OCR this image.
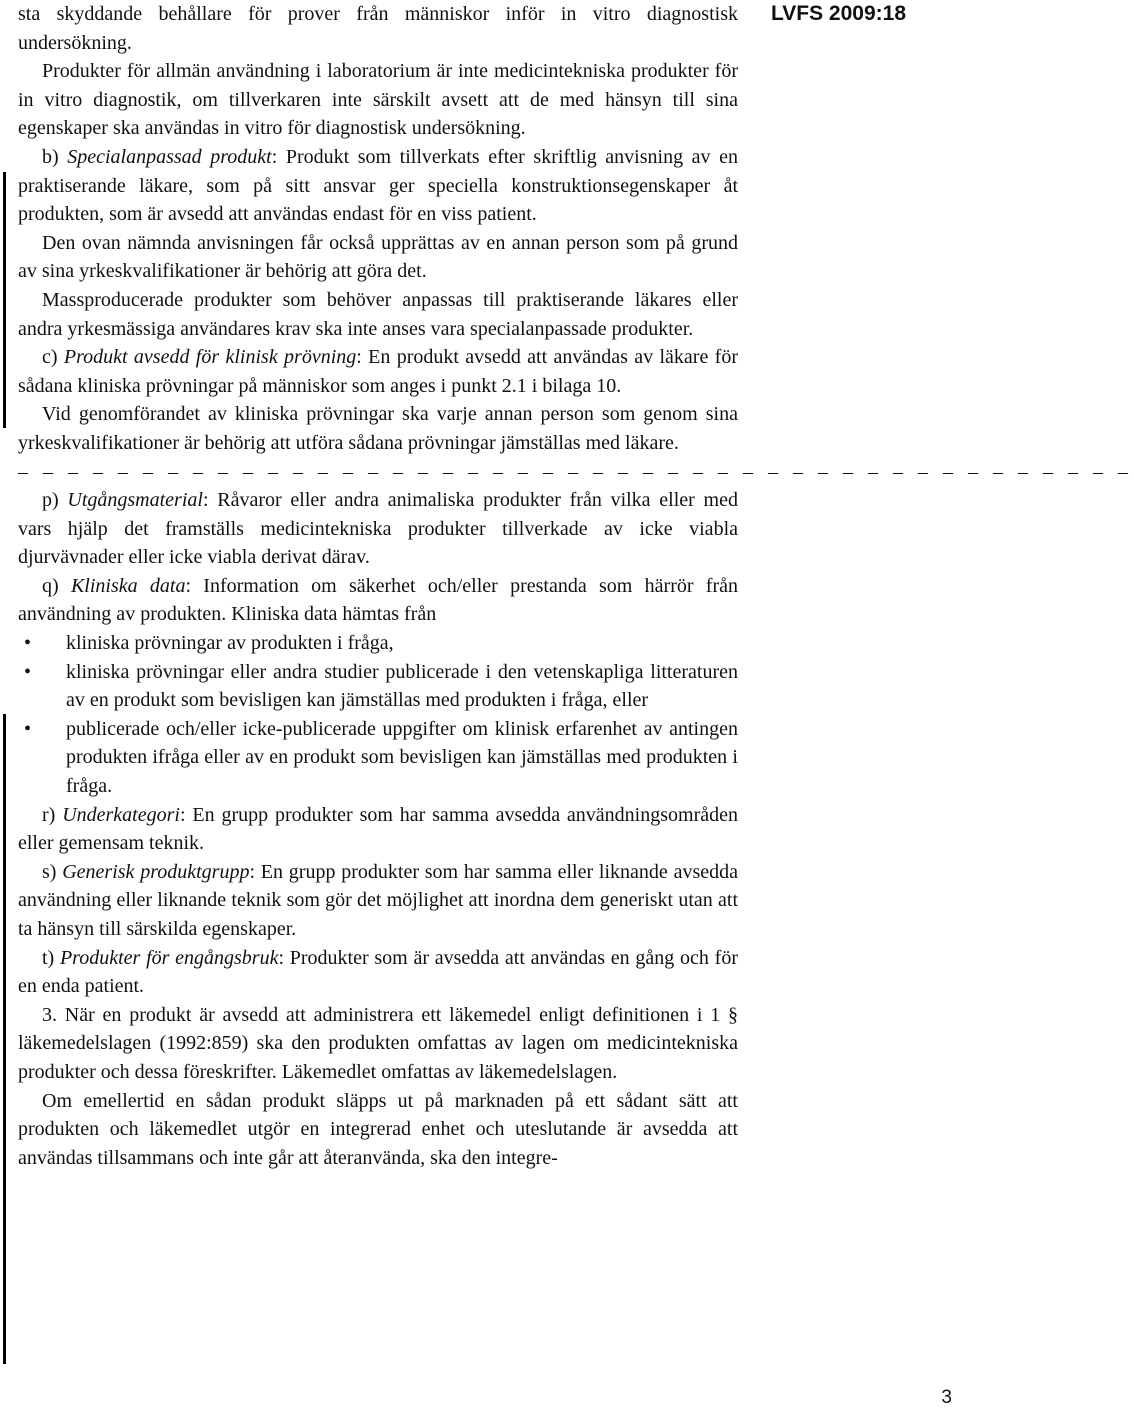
LVFS 2009:18

sta skyddande behållare för prover från människor inför in vitro diagnostisk undersökning.

Produkter för allmän användning i laboratorium är inte medicintekniska produkter för in vitro diagnostik, om tillverkaren inte särskilt avsett att de med hänsyn till sina egenskaper ska användas in vitro för diagnostisk undersökning.

b) Specialanpassad produkt: Produkt som tillverkats efter skriftlig anvisning av en praktiserande läkare, som på sitt ansvar ger speciella konstruktionsegenskaper åt produkten, som är avsedd att användas endast för en viss patient.

Den ovan nämnda anvisningen får också upprättas av en annan person som på grund av sina yrkeskvalifikationer är behörig att göra det.

Massproducerade produkter som behöver anpassas till praktiserande läkares eller andra yrkesmässiga användares krav ska inte anses vara specialanpassade produkter.

c) Produkt avsedd för klinisk prövning: En produkt avsedd att användas av läkare för sådana kliniska prövningar på människor som anges i punkt 2.1 i bilaga 10.

Vid genomförandet av kliniska prövningar ska varje annan person som genom sina yrkeskvalifikationer är behörig att utföra sådana prövningar jämställas med läkare.

– – – – – – – – – – – – – – – – – – – – – – – – – – – – – – – – – – – – – – – – – – – – –

p) Utgångsmaterial: Råvaror eller andra animaliska produkter från vilka eller med vars hjälp det framställs medicintekniska produkter tillverkade av icke viabla djurvävnader eller icke viabla derivat därav.

q) Kliniska data: Information om säkerhet och/eller prestanda som härrör från användning av produkten. Kliniska data hämtas från

• kliniska prövningar av produkten i fråga,
• kliniska prövningar eller andra studier publicerade i den vetenskapliga litteraturen av en produkt som bevisligen kan jämställas med produkten i fråga, eller
• publicerade och/eller icke-publicerade uppgifter om klinisk erfarenhet av antingen produkten ifråga eller av en produkt som bevisligen kan jämställas med produkten i fråga.

r) Underkategori: En grupp produkter som har samma avsedda användningsområden eller gemensam teknik.

s) Generisk produktgrupp: En grupp produkter som har samma eller liknande avsedda användning eller liknande teknik som gör det möjlighet att inordna dem generiskt utan att ta hänsyn till särskilda egenskaper.

t) Produkter för engångsbruk: Produkter som är avsedda att användas en gång och för en enda patient.

3. När en produkt är avsedd att administrera ett läkemedel enligt definitionen i 1 § läkemedelslagen (1992:859) ska den produkten omfattas av lagen om medicintekniska produkter och dessa föreskrifter. Läkemedlet omfattas av läkemedelslagen.

Om emellertid en sådan produkt släpps ut på marknaden på ett sådant sätt att produkten och läkemedlet utgör en integrerad enhet och uteslutande är avsedda att användas tillsammans och inte går att återanvända, ska den integre-

3
